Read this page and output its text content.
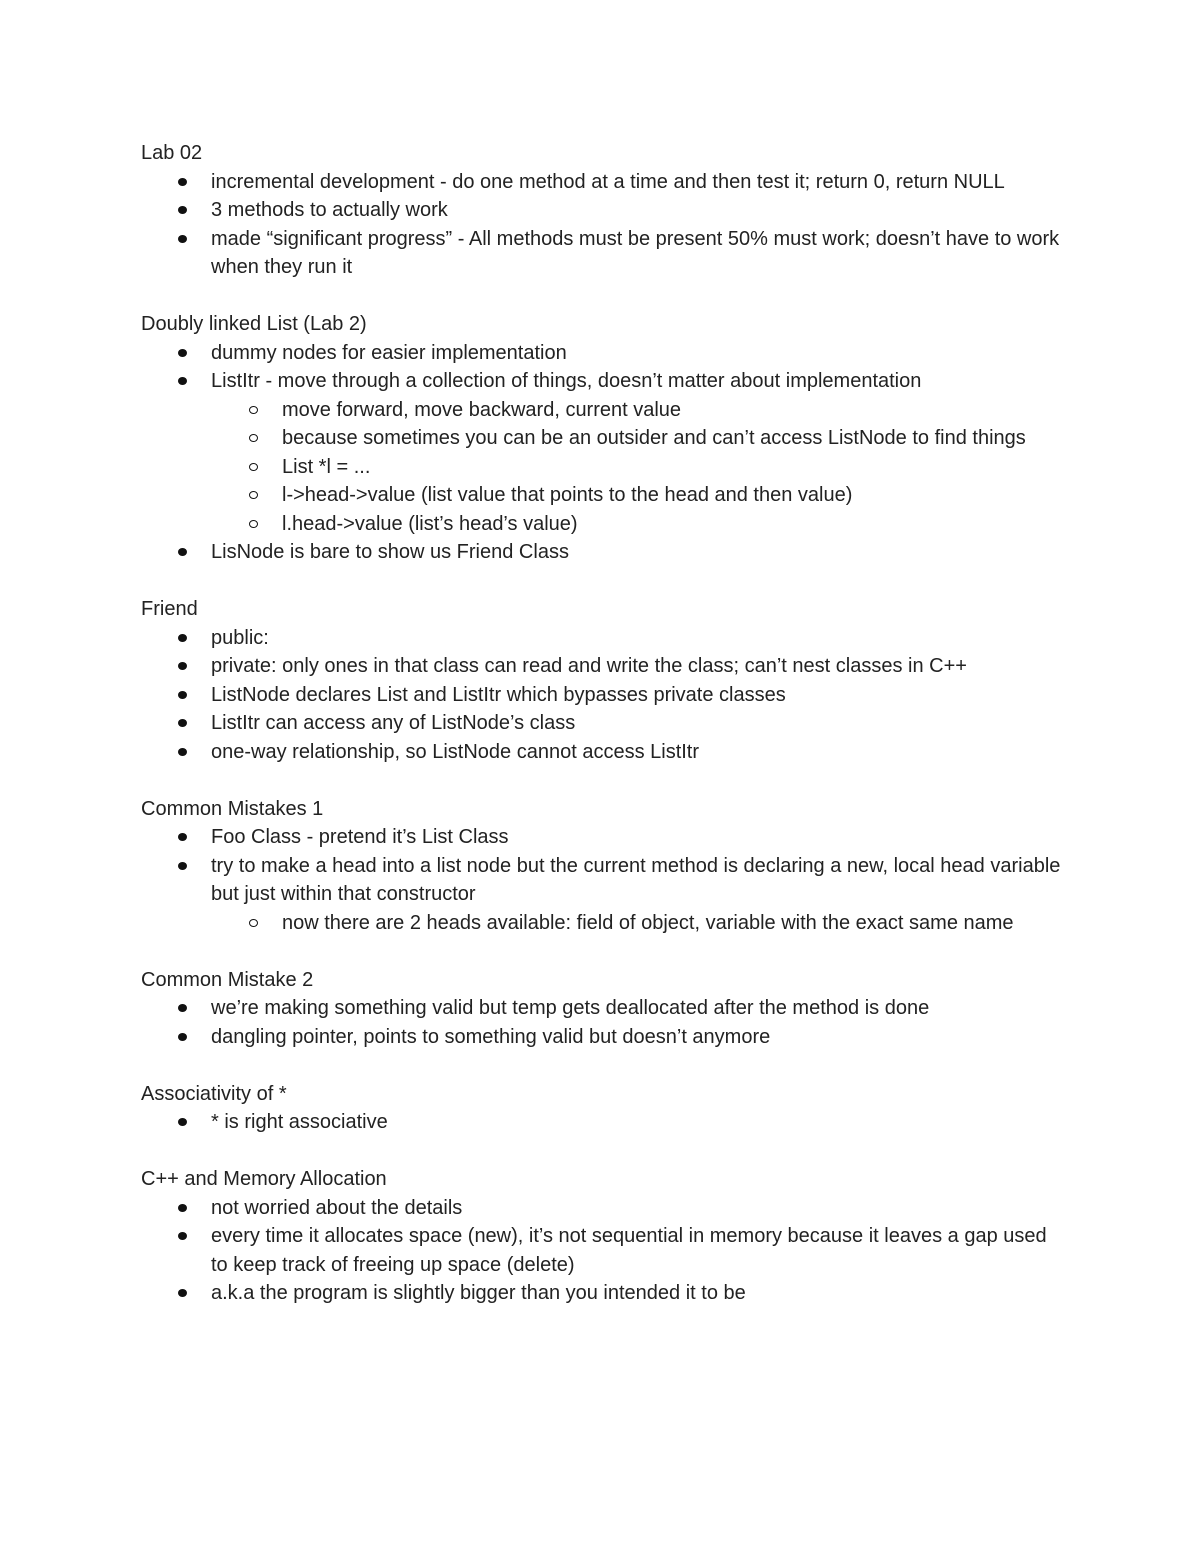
Lab 02
incremental development - do one method at a time and then test it; return 0, return NULL
3 methods to actually work
made “significant progress” - All methods must be present 50% must work; doesn’t have to work when they run it
Doubly linked List (Lab 2)
dummy nodes for easier implementation
ListItr - move through a collection of things, doesn’t matter about implementation
move forward, move backward, current value
because sometimes you can be an outsider and can’t access ListNode to find things
List *l = ...
l->head->value (list value that points to the head and then value)
l.head->value (list’s head’s value)
LisNode is bare to show us Friend Class
Friend
public:
private: only ones in that class can read and write the class; can’t nest classes in C++
ListNode declares List and ListItr which bypasses private classes
ListItr can access any of ListNode’s class
one-way relationship, so ListNode cannot access ListItr
Common Mistakes 1
Foo Class - pretend it’s List Class
try to make a head into a list node but the current method is declaring a new, local head variable but just within that constructor
now there are 2 heads available: field of object, variable with the exact same name
Common Mistake 2
we’re making something valid but temp gets deallocated after the method is done
dangling pointer, points to something valid but doesn’t anymore
Associativity of *
* is right associative
C++ and Memory Allocation
not worried about the details
every time it allocates space (new), it’s not sequential in memory because it leaves a gap used to keep track of freeing up space (delete)
a.k.a the program is slightly bigger than you intended it to be
